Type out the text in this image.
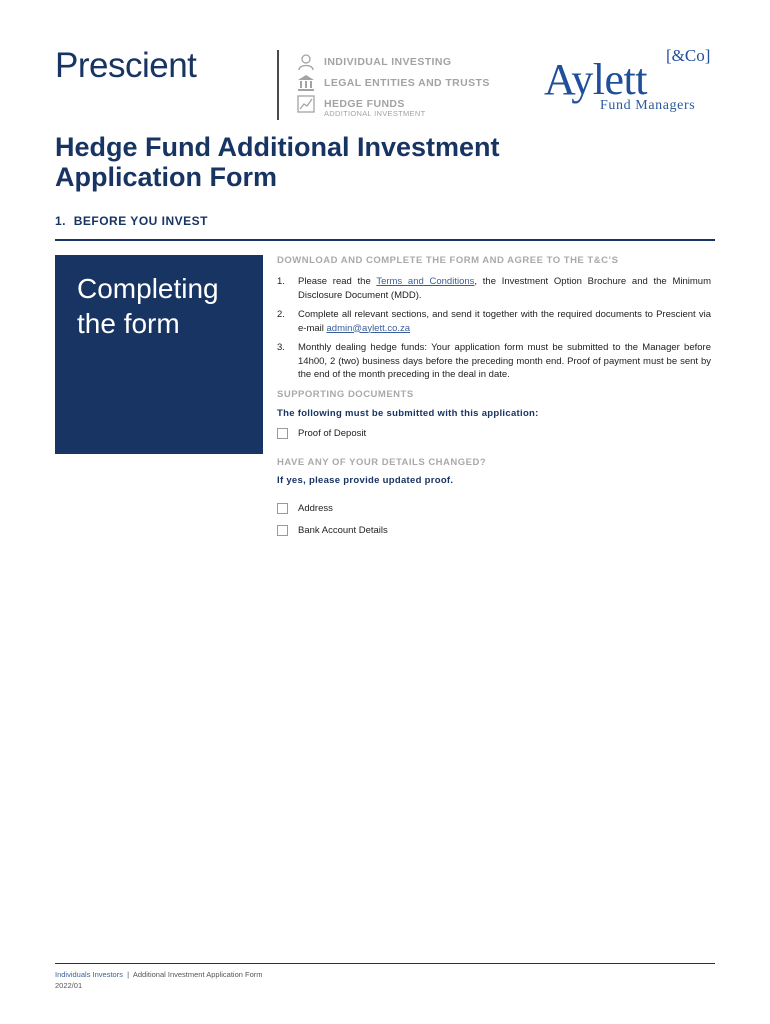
Prescient	INDIVIDUAL INVESTING
LEGAL ENTITIES AND TRUSTS
HEDGE FUNDS
ADDITIONAL INVESTMENT
Aylett [&Co]
Fund Managers
Hedge Fund Additional Investment Application Form
1. BEFORE YOU INVEST
Completing
the form
DOWNLOAD AND COMPLETE THE FORM AND AGREE TO THE T&C’S
1. Please read the Terms and Conditions, the Investment Option Brochure and the Minimum Disclosure Document (MDD).
2. Complete all relevant sections, and send it together with the required documents to Prescient via e-mail admin@aylett.co.za
3. Monthly dealing hedge funds: Your application form must be submitted to the Manager before 14h00, 2 (two) business days before the preceding month end. Proof of payment must be sent by the end of the month preceding in the deal in date.
SUPPORTING DOCUMENTS
The following must be submitted with this application:
Proof of Deposit
HAVE ANY OF YOUR DETAILS CHANGED?
If yes, please provide updated proof.
Address
Bank Account Details
Individuals Investors | Additional Investment Application Form
2022/01
